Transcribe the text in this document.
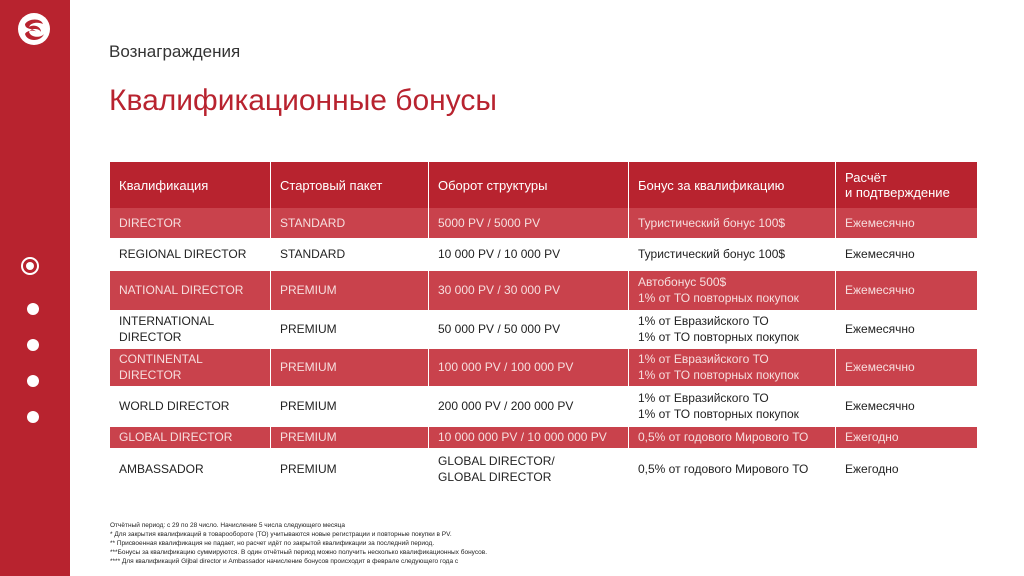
Вознаграждения
Квалификационные бонусы
Квалификация	Стартовый пакет	Оборот структуры	Бонус за квалификацию	Расчёт
и подтверждение
DIRECTOR	STANDARD	5000 PV / 5000 PV	Туристический бонус 100$	Ежемесячно
REGIONAL DIRECTOR	STANDARD	10 000 PV / 10 000 PV	Туристический бонус 100$	Ежемесячно
NATIONAL DIRECTOR	PREMIUM	30 000 PV / 30 000 PV	Автобонус 500$
1% от ТО повторных покупок	Ежемесячно
INTERNATIONAL DIRECTOR	PREMIUM	50 000 PV / 50 000 PV	1% от Евразийского ТО
1% от ТО повторных покупок	Ежемесячно
CONTINENTAL DIRECTOR	PREMIUM	100 000 PV / 100 000 PV	1% от Евразийского ТО
1% от ТО повторных покупок	Ежемесячно
WORLD DIRECTOR	PREMIUM	200 000 PV / 200 000 PV	1% от Евразийского ТО
1% от ТО повторных покупок	Ежемесячно
GLOBAL DIRECTOR	PREMIUM	10 000 000 PV / 10 000 000 PV	0,5% от годового Мирового ТО	Ежегодно
AMBASSADOR	PREMIUM	GLOBAL DIRECTOR/
GLOBAL DIRECTOR	0,5% от годового Мирового ТО	Ежегодно
Отчётный период: с 29 по 28 число. Начисление 5 числа следующего месяца
* Для закрытия квалификаций в товарообороте (ТО) учитываются новые регистрации и повторные покупки в PV.
** Присвоенная квалификация не падает, но расчет идёт по закрытой квалификации за последний период.
***Бонусы за квалификацию суммируются. В один отчётный период можно получить несколько квалификационных бонусов.
**** Для квалификаций Gljbal director и Ambassador начисление бонусов происходит в феврале следующего года с
